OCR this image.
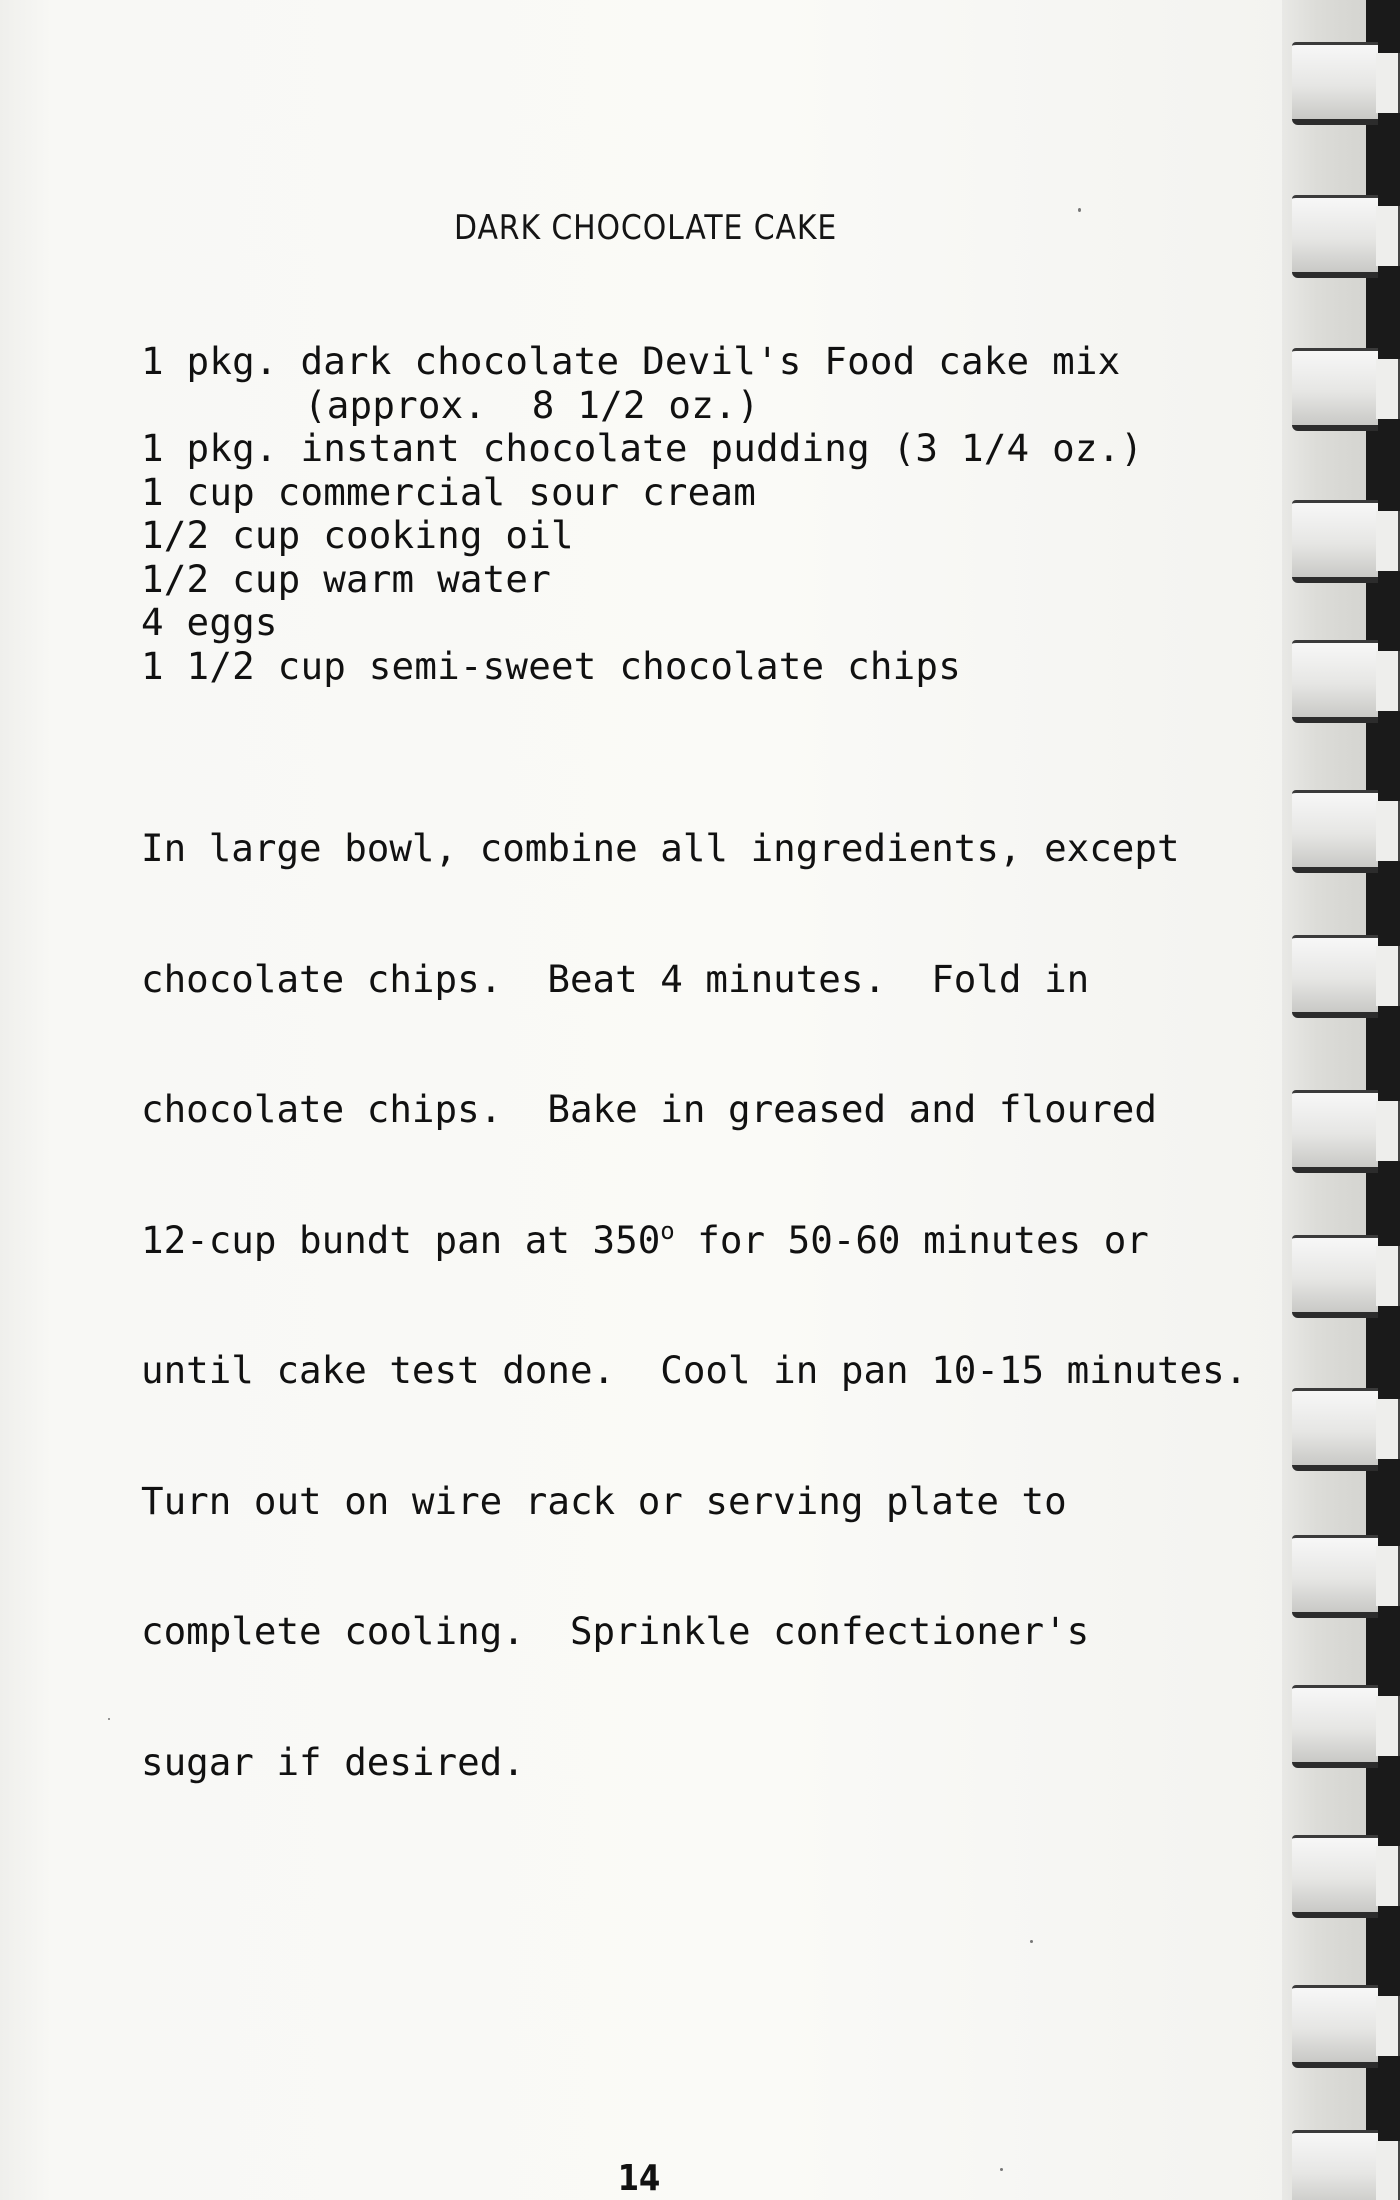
DARK CHOCOLATE CAKE
1 pkg. dark chocolate Devil's Food cake mix
(approx.  8 1/2 oz.)
1 pkg. instant chocolate pudding (3 1/4 oz.)
1 cup commercial sour cream
1/2 cup cooking oil
1/2 cup warm water
4 eggs
1 1/2 cup semi-sweet chocolate chips

In large bowl, combine all ingredients, except

chocolate chips.  Beat 4 minutes.  Fold in

chocolate chips.  Bake in greased and floured

12-cup bundt pan at 350$^o$ for 50-60 minutes or

until cake test done.  Cool in pan 10-15 minutes.

Turn out on wire rack or serving plate to

complete cooling.  Sprinkle confectioner's

sugar if desired.

14
